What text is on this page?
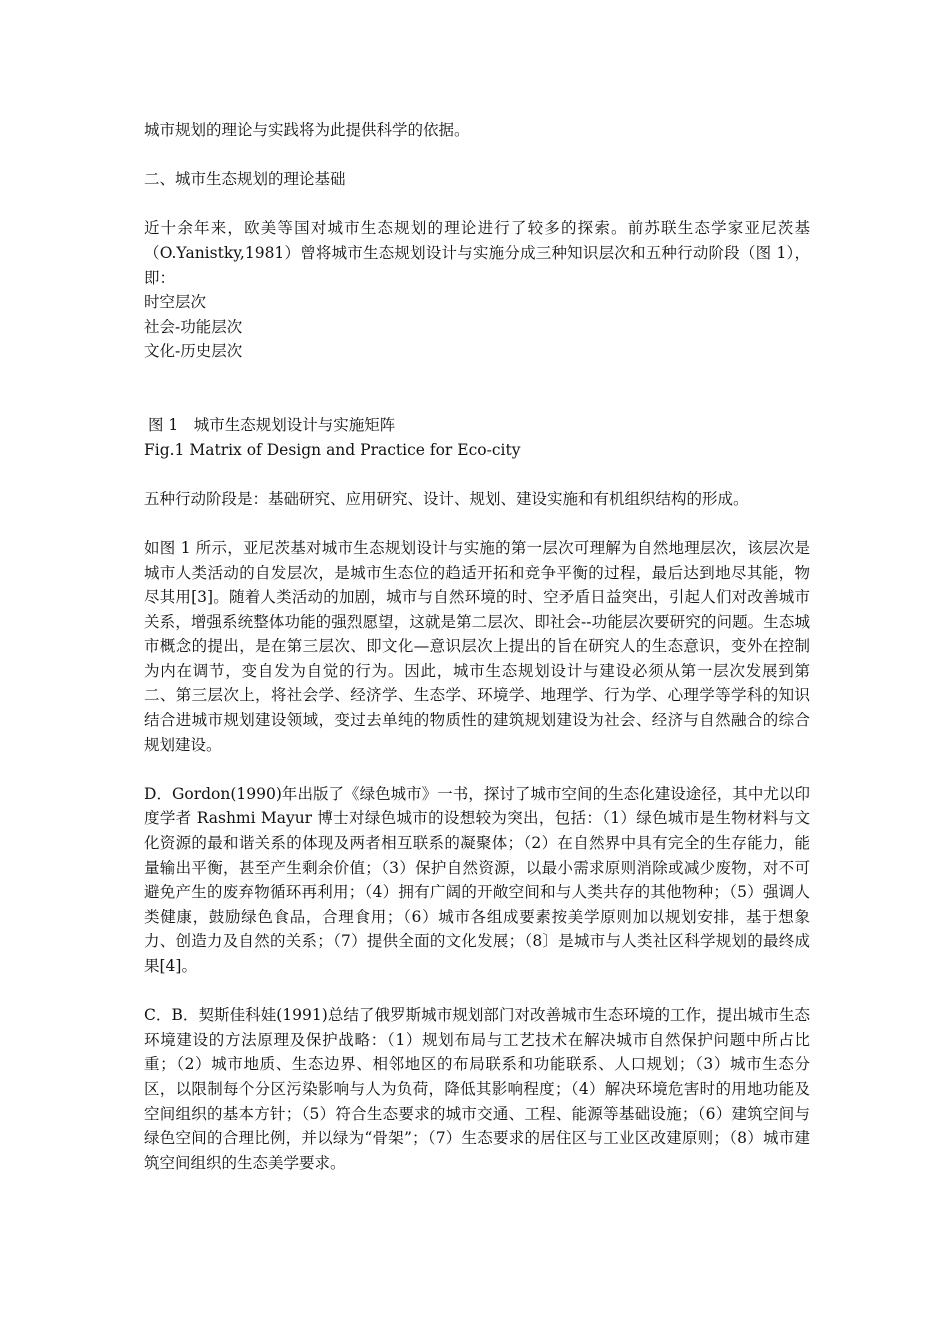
城市规划的理论与实践将为此提供科学的依据。

二、城市生态规划的理论基础

近十余年来，欧美等国对城市生态规划的理论进行了较多的探索。前苏联生态学家亚尼茨基（O.Yanistky,1981）曾将城市生态规划设计与实施分成三种知识层次和五种行动阶段（图 1），即：

时空层次

社会-功能层次

文化-历史层次

图 1　城市生态规划设计与实施矩阵

Fig.1 Matrix of Design and Practice for Eco-city

五种行动阶段是：基础研究、应用研究、设计、规划、建设实施和有机组织结构的形成。

如图 1 所示，亚尼茨基对城市生态规划设计与实施的第一层次可理解为自然地理层次，该层次是城市人类活动的自发层次，是城市生态位的趋适开拓和竞争平衡的过程，最后达到地尽其能，物尽其用[3]。随着人类活动的加剧，城市与自然环境的时、空矛盾日益突出，引起人们对改善城市关系，增强系统整体功能的强烈愿望，这就是第二层次、即社会--功能层次要研究的问题。生态城市概念的提出，是在第三层次、即文化—意识层次上提出的旨在研究人的生态意识，变外在控制为内在调节，变自发为自觉的行为。因此，城市生态规划设计与建设必须从第一层次发展到第二、第三层次上，将社会学、经济学、生态学、环境学、地理学、行为学、心理学等学科的知识结合进城市规划建设领域，变过去单纯的物质性的建筑规划建设为社会、经济与自然融合的综合规划建设。

D．Gordon(1990)年出版了《绿色城市》一书，探讨了城市空间的生态化建设途径，其中尤以印度学者 Rashmi Mayur 博士对绿色城市的设想较为突出，包括：（1）绿色城市是生物材料与文化资源的最和谐关系的体现及两者相互联系的凝聚体；（2）在自然界中具有完全的生存能力，能量输出平衡，甚至产生剩余价值；（3）保护自然资源，以最小需求原则消除或减少废物，对不可避免产生的废弃物循环再利用；（4）拥有广阔的开敞空间和与人类共存的其他物种；（5）强调人类健康，鼓励绿色食品，合理食用；（6）城市各组成要素按美学原则加以规划安排，基于想象力、创造力及自然的关系；（7）提供全面的文化发展；（8〕是城市与人类社区科学规划的最终成果[4]。

C．B．契斯佳科娃(1991)总结了俄罗斯城市规划部门对改善城市生态环境的工作，提出城市生态环境建设的方法原理及保护战略：（1）规划布局与工艺技术在解决城市自然保护问题中所占比重；（2）城市地质、生态边界、相邻地区的布局联系和功能联系、人口规划；（3）城市生态分区，以限制每个分区污染影响与人为负荷，降低其影响程度；（4）解决环境危害时的用地功能及空间组织的基本方针；（5）符合生态要求的城市交通、工程、能源等基础设施；（6）建筑空间与绿色空间的合理比例，并以绿为“骨架”；（7）生态要求的居住区与工业区改建原则；（8）城市建筑空间组织的生态美学要求。
